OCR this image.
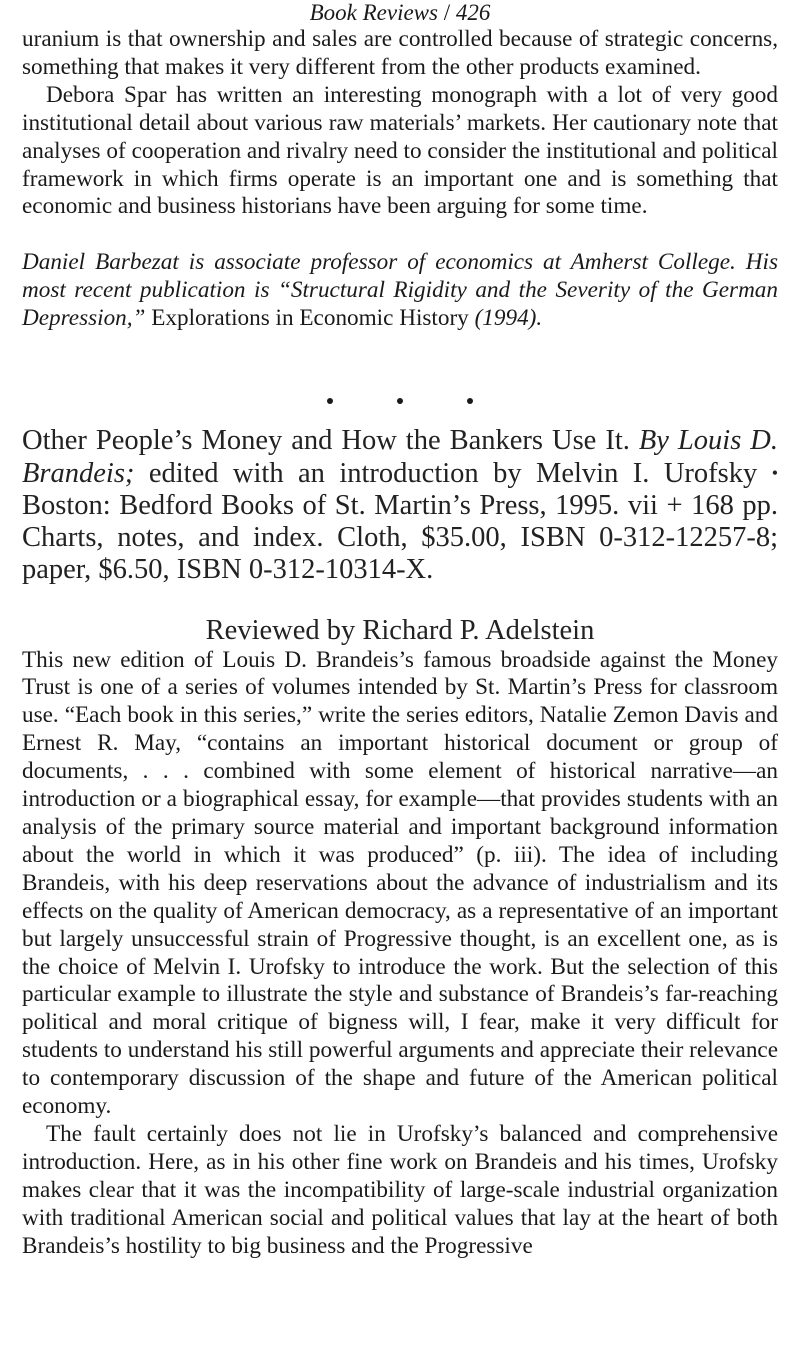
Book Reviews / 426

uranium is that ownership and sales are controlled because of strategic concerns, something that makes it very different from the other products examined.

Debora Spar has written an interesting monograph with a lot of very good institutional detail about various raw materials’ markets. Her cautionary note that analyses of cooperation and rivalry need to consider the institutional and political framework in which firms operate is an important one and is something that economic and business historians have been arguing for some time.

Daniel Barbezat is associate professor of economics at Amherst College. His most recent publication is “Structural Rigidity and the Severity of the German Depression,” Explorations in Economic History (1994).

Other People’s Money and How the Bankers Use It. By Louis D. Brandeis; edited with an introduction by Melvin I. Urofsky • Boston: Bedford Books of St. Martin’s Press, 1995. vii + 168 pp. Charts, notes, and index. Cloth, $35.00, ISBN 0-312-12257-8; paper, $6.50, ISBN 0-312-10314-X.

Reviewed by Richard P. Adelstein

This new edition of Louis D. Brandeis’s famous broadside against the Money Trust is one of a series of volumes intended by St. Martin’s Press for classroom use. “Each book in this series,” write the series editors, Natalie Zemon Davis and Ernest R. May, “contains an important historical document or group of documents, . . . combined with some element of historical narrative—an introduction or a biographical essay, for example—that provides students with an analysis of the primary source material and important background information about the world in which it was produced” (p. iii). The idea of including Brandeis, with his deep reservations about the advance of industrialism and its effects on the quality of American democracy, as a representative of an important but largely unsuccessful strain of Progressive thought, is an excellent one, as is the choice of Melvin I. Urofsky to introduce the work. But the selection of this particular example to illustrate the style and substance of Brandeis’s far-reaching political and moral critique of bigness will, I fear, make it very difficult for students to understand his still powerful arguments and appreciate their relevance to contemporary discussion of the shape and future of the American political economy.

The fault certainly does not lie in Urofsky’s balanced and comprehensive introduction. Here, as in his other fine work on Brandeis and his times, Urofsky makes clear that it was the incompatibility of large-scale industrial organization with traditional American social and political values that lay at the heart of both Brandeis’s hostility to big business and the Progressive
